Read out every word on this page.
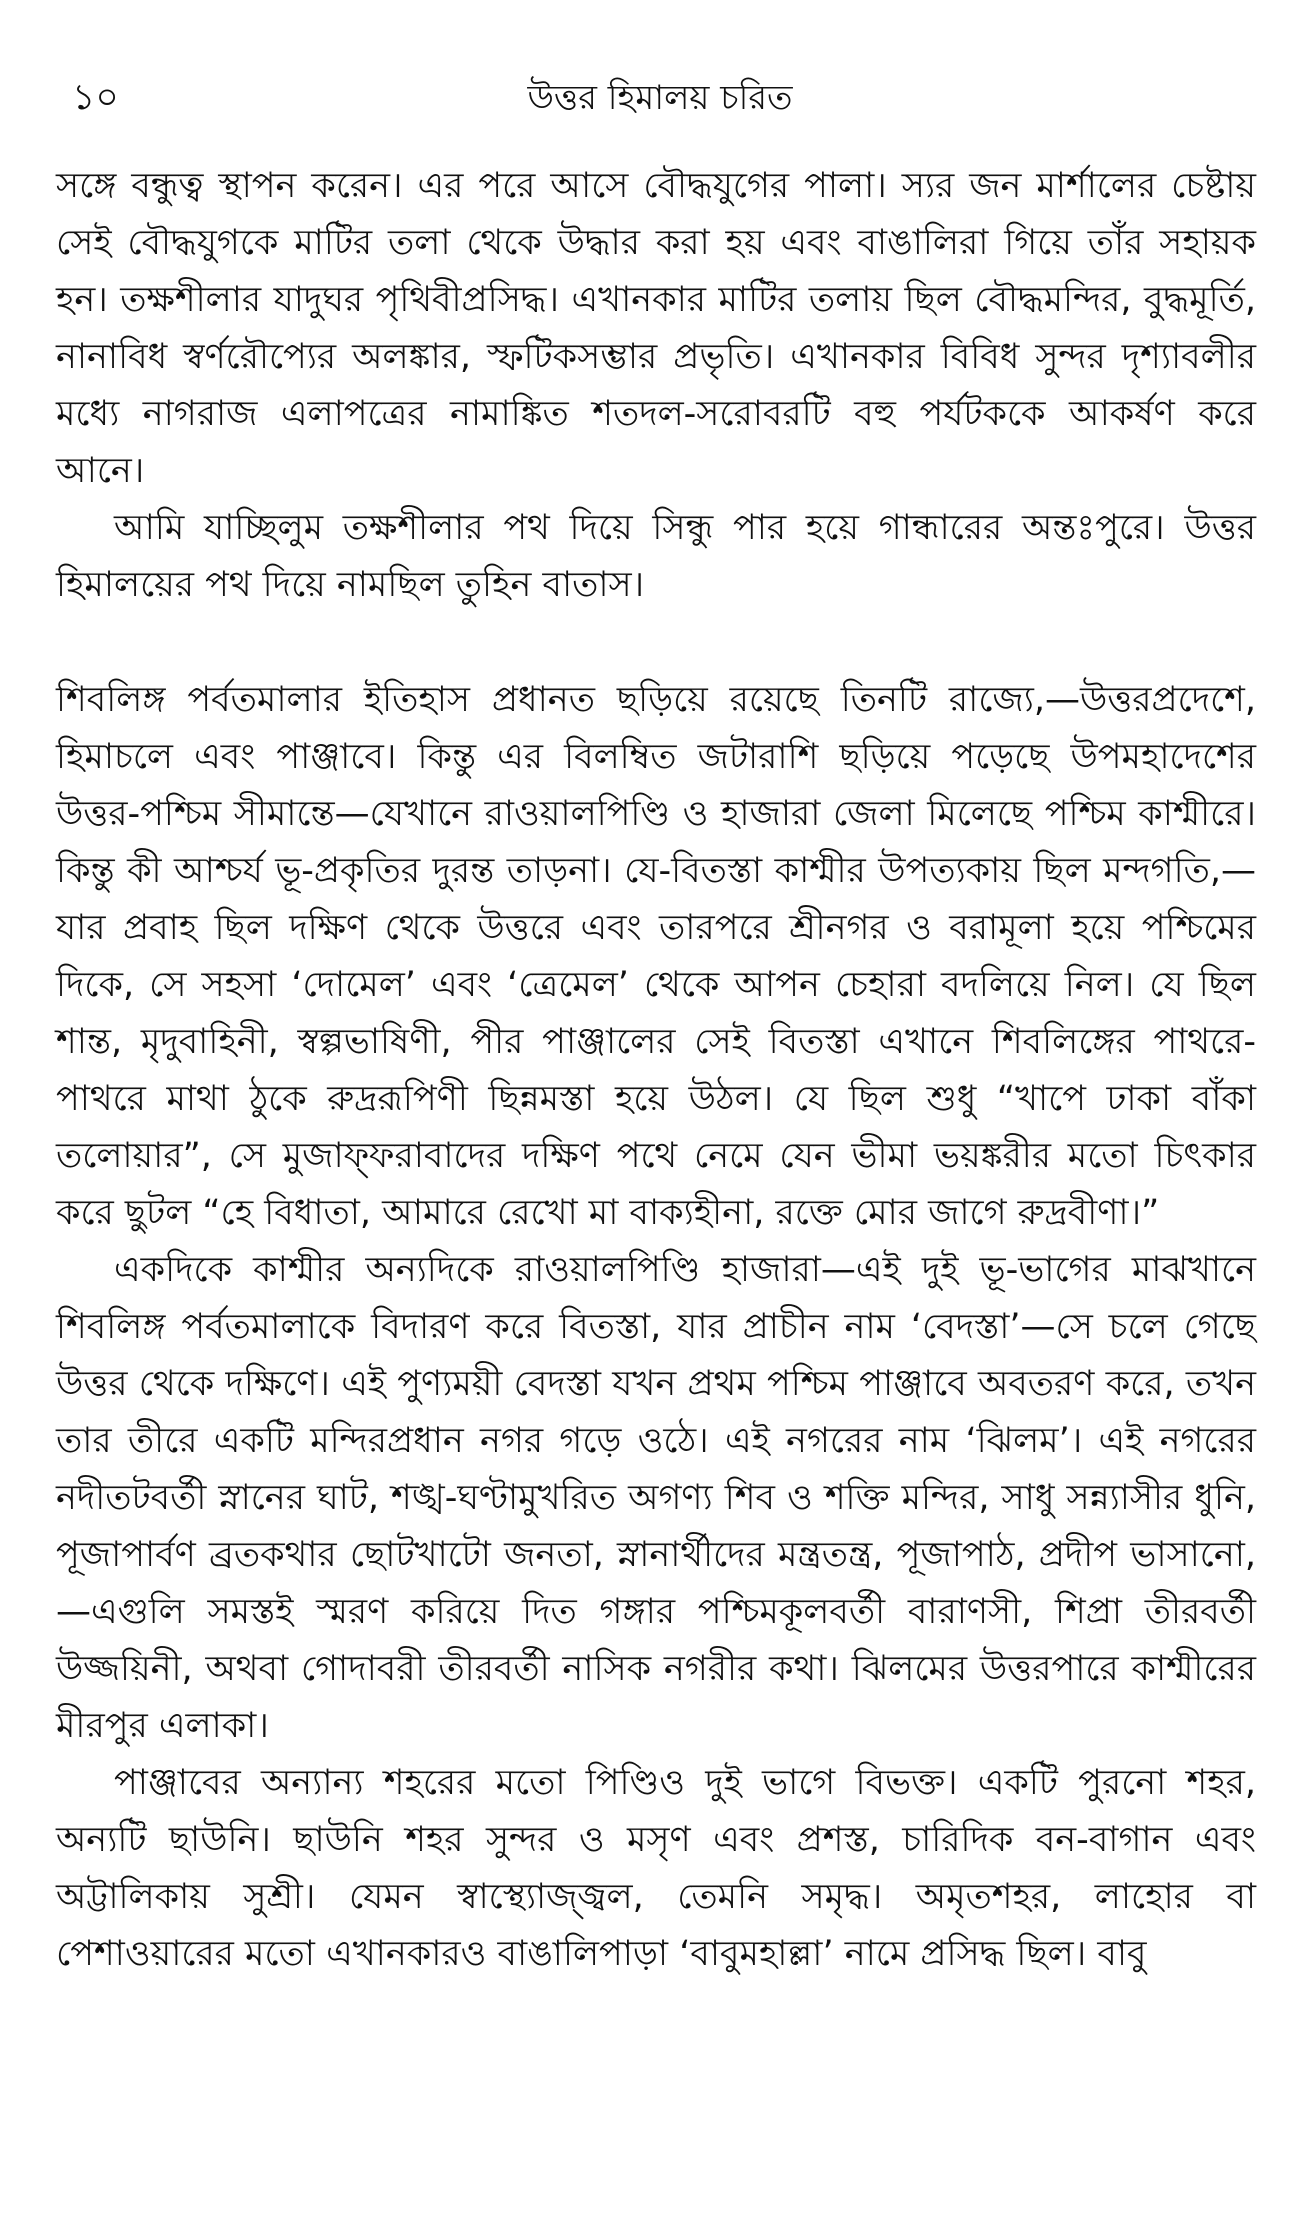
১০	উত্তর হিমালয় চরিত

সঙ্গে বন্ধুত্ব স্থাপন করেন। এর পরে আসে বৌদ্ধযুগের পালা। স্যর জন মার্শালের চেষ্টায় সেই বৌদ্ধযুগকে মাটির তলা থেকে উদ্ধার করা হয় এবং বাঙালিরা গিয়ে তাঁর সহায়ক হন। তক্ষশীলার যাদুঘর পৃথিবীপ্রসিদ্ধ। এখানকার মাটির তলায় ছিল বৌদ্ধমন্দির, বুদ্ধমূর্তি, নানাবিধ স্বর্ণরৌপ্যের অলঙ্কার, স্ফটিকসম্ভার প্রভৃতি। এখানকার বিবিধ সুন্দর দৃশ্যাবলীর মধ্যে নাগরাজ এলাপত্রের নামাঙ্কিত শতদল-সরোবরটি বহু পর্যটককে আকর্ষণ করে আনে।

আমি যাচ্ছিলুম তক্ষশীলার পথ দিয়ে সিন্ধু পার হয়ে গান্ধারের অন্তঃপুরে। উত্তর হিমালয়ের পথ দিয়ে নামছিল তুহিন বাতাস।

শিবলিঙ্গ পর্বতমালার ইতিহাস প্রধানত ছড়িয়ে রয়েছে তিনটি রাজ্যে,—উত্তরপ্রদেশে, হিমাচলে এবং পাঞ্জাবে। কিন্তু এর বিলম্বিত জটারাশি ছড়িয়ে পড়েছে উপমহাদেশের উত্তর-পশ্চিম সীমান্তে—যেখানে রাওয়ালপিণ্ডি ও হাজারা জেলা মিলেছে পশ্চিম কাশ্মীরে। কিন্তু কী আশ্চর্য ভূ-প্রকৃতির দুরন্ত তাড়না। যে-বিতস্তা কাশ্মীর উপত্যকায় ছিল মন্দগতি,—যার প্রবাহ ছিল দক্ষিণ থেকে উত্তরে এবং তারপরে শ্রীনগর ও বরামূলা হয়ে পশ্চিমের দিকে, সে সহসা ‘দোমেল’ এবং ‘ত্রেমেল’ থেকে আপন চেহারা বদলিয়ে নিল। যে ছিল শান্ত, মৃদুবাহিনী, স্বল্পভাষিণী, পীর পাঞ্জালের সেই বিতস্তা এখানে শিবলিঙ্গের পাথরে-পাথরে মাথা ঠুকে রুদ্ররূপিণী ছিন্নমস্তা হয়ে উঠল। যে ছিল শুধু “খাপে ঢাকা বাঁকা তলোয়ার”, সে মুজাফ্‌ফরাবাদের দক্ষিণ পথে নেমে যেন ভীমা ভয়ঙ্করীর মতো চিৎকার করে ছুটল “হে বিধাতা, আমারে রেখো মা বাক্যহীনা, রক্তে মোর জাগে রুদ্রবীণা।”

একদিকে কাশ্মীর অন্যদিকে রাওয়ালপিণ্ডি হাজারা—এই দুই ভূ-ভাগের মাঝখানে শিবলিঙ্গ পর্বতমালাকে বিদারণ করে বিতস্তা, যার প্রাচীন নাম ‘বেদস্তা’—সে চলে গেছে উত্তর থেকে দক্ষিণে। এই পুণ্যময়ী বেদস্তা যখন প্রথম পশ্চিম পাঞ্জাবে অবতরণ করে, তখন তার তীরে একটি মন্দিরপ্রধান নগর গড়ে ওঠে। এই নগরের নাম ‘ঝিলম’। এই নগরের নদীতটবর্তী স্নানের ঘাট, শঙ্খ-ঘণ্টামুখরিত অগণ্য শিব ও শক্তি মন্দির, সাধু সন্ন্যাসীর ধুনি, পূজাপার্বণ ব্রতকথার ছোটখাটো জনতা, স্নানার্থীদের মন্ত্রতন্ত্র, পূজাপাঠ, প্রদীপ ভাসানো,—এগুলি সমস্তই স্মরণ করিয়ে দিত গঙ্গার পশ্চিমকূলবর্তী বারাণসী, শিপ্রা তীরবর্তী উজ্জয়িনী, অথবা গোদাবরী তীরবর্তী নাসিক নগরীর কথা। ঝিলমের উত্তরপারে কাশ্মীরের মীরপুর এলাকা।

পাঞ্জাবের অন্যান্য শহরের মতো পিণ্ডিও দুই ভাগে বিভক্ত। একটি পুরনো শহর, অন্যটি ছাউনি। ছাউনি শহর সুন্দর ও মসৃণ এবং প্রশস্ত, চারিদিক বন-বাগান এবং অট্টালিকায় সুশ্রী। যেমন স্বাস্থ্যোজ্জ্বল, তেমনি সমৃদ্ধ। অমৃতশহর, লাহোর বা পেশাওয়ারের মতো এখানকারও বাঙালিপাড়া ‘বাবুমহাল্লা’ নামে প্রসিদ্ধ ছিল। বাবু
